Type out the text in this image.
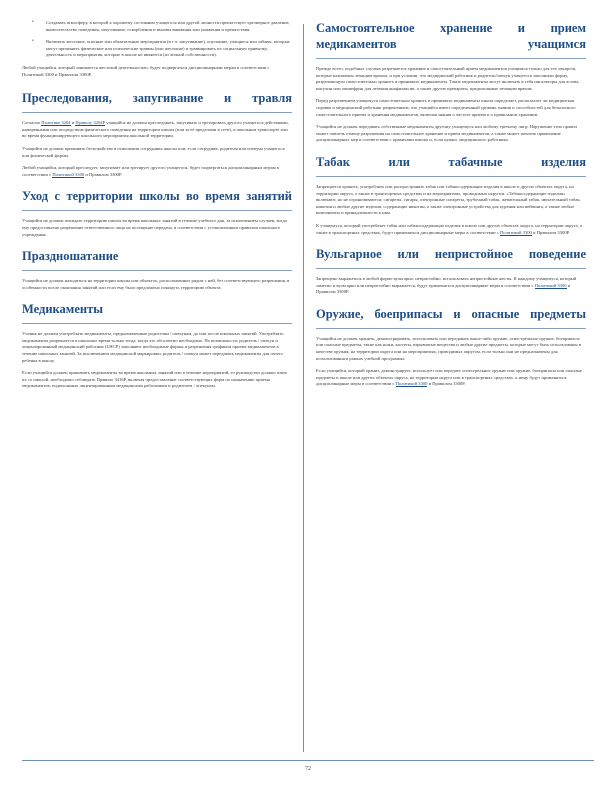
•	Создавать атмосферу, в которой к хорошему состоянию учащегося или другой личности препятствует чрезмерное давление, вымогательство поведения, запугивание, оскорбления и вызовы внимания или унижения и препятствия.
•	Включать жестокие, опасные или обязательные мероприятия (в т.ч. запугивание), опускание, учащиеся или забавы, которые могут причинить физические или психические травмы (или жестокие) и травмировать их социальную привычку, деятельность и мероприятия, которые в школе не являются (из личной собственности).

Любой учащийся, который занимается жестокой деятельностью, будет подвергаться дисциплинарным мерам в соответствии с Политикой 3300 и Правилом 3300P.

Преследования, запугивание и травля

Согласно Политике 3204 и Правилу 3204P учащийся не должен преследовать, запугивать и третировать другого учащегося действиями, намеренными или посредством физического поведения на территории школы (или за её пределами в сети), в школьном транспорте или во время функционирующего школьного мероприятия школьной территории.

Учащийся не должен причинять беспокойство в отношении сотрудника школы или, если сотрудник, родителя или опекуна учащегося или физической формы.

Любой учащийся, который преследует, запугивает или третирует другого учащегося, будет подвергаться дисциплинарным мерам в соответствии с Политикой 3300 и Правилом 3300P.

Уход с территории школы во время занятий

Учащийся не должен покидать территорию школы во время школьных занятий в течение учебного дня, за исключением случаев, когда ему предоставлено разрешение ответственного лица на посещение передача, в соответствии с установленным правилом школьного учреждения.

Праздношатание

Учащийся не должен находиться на территории школы или объектах, расположенных рядом с ней, без соответствующего разрешения, в особенности после окончания занятий или если ему было предложено покинуть территорию объекта.

Медикаменты

Ученик не должен употреблять медикаменты, предназначенные родителям / опекунам, до или после школьных занятий. Употреблять медикаменты разрешается в школьное время только тогда, когда это абсолютно необходимо. По возможности, родитель / опекун и лицензированный медицинский работник (LHCP) заполняют необходимые формы и разрешения графиком приема медикаментов в течение школьных занятий. За исключением медицинской маркировки, родитель / опекун может передавать медикаменты для своего ребенка в школу.

Если учащийся должен принимать медикаменты во время школьных занятий или в течение мероприятий, то руководство должно взять их со школой, необходимо соблюдать Правило 3416P, включая предоставление соответствующих форм по назначению приема медикаментов, подписанных лицензированным медицинским работником и родителем / опекуном.

Самостоятельное хранение и прием медикаментов учащимся

Прежде всего, подобных случаях разрешается хранение и самостоятельный прием медикаментов учащимся только для тех лекарств, которые назначены лечащим врачом, и при условии, что медицинский работник и родитель/опекун учащегося заполнили форму, разрешающую самостоятельно хранить и принимать медикаменты. Такие медикаменты могут включать в себя ингаляторы для астмы, инсулин или эпинефрин для лечения анафилаксии, а также другие препараты, предписанные лечащим врачом.

Перед разрешением учащемуся самостоятельно хранить и принимать медикаменты школа определяет, располагает ли медицинская справка и медицинский работник разрешением, что учащийся имеет определенный уровень знания и способностей для безопасного самостоятельного приема и хранения медикаментов, включая знания о частоте приема и о правильном хранении.

Учащийся не должен передавать собственные медикаменты другому учащемуся или любому третьему лицу. Нарушение этих правил может повлечь отмену разрешения на самостоятельное хранение и прием медикаментов, а также может повлечь применение дисциплинарных мер в соответствии с правилами школы и, если нужно, медицинского работника.

Табак или табачные изделия

Запрещается хранить, употреблять или распространять табак или табакосодержащие изделия в школе и других объектах округа, на территории округа, а также в транспортных средствах и на мероприятиях, проводимых округом. «Табакосодержащие изделия» включают, но не ограничиваются: сигареты, сигары, электронные сигареты, трубочный табак, жевательный табак, нюхательный табак, никотин и любые другие изделия, содержащие никотин, а также электронные устройства для курения или вейпинга, а также любые компоненты и принадлежности к ним.

К учащемуся, который употребляет табак или табакосодержащие изделия в школе или других объектах округа, на территории округа, а также в транспортных средствах, будут применяться дисциплинарные меры в соответствии с Политикой 3300 и Правилом 3300P.

Вульгарное или непристойное поведение

Запрещено выражаться в любой форме вульгарно, непристойно, использовать непристойные жесты. К каждому учащемуся, который заметно и вульгарно или непристойно выражается, будут применяться дисциплинарные меры в соответствии с Политикой 3300 и Правилом 3300P.

Оружие, боеприпасы и опасные предметы

Учащийся не должен хранить, демонстрировать, использовать или передавать какое-либо оружие, огнестрельное оружие, боеприпасы или опасные предметы, такие как ножи, кастеты, взрывчатые вещества и любые другие предметы, которые могут быть использованы в качестве оружия, на территории округа или на мероприятиях, проводимых округом, если только они не предназначены для использования в рамках учебной программы.

Если учащийся, который хранит, демонстрирует, использует или передает огнестрельное оружие или оружие, боеприпасы или опасные предметы в школе или других объектах округа, на территории округа или в транспортных средствах, к нему будут применяться дисциплинарные меры в соответствии с Политикой 3300 и Правилом 3300P.

72
